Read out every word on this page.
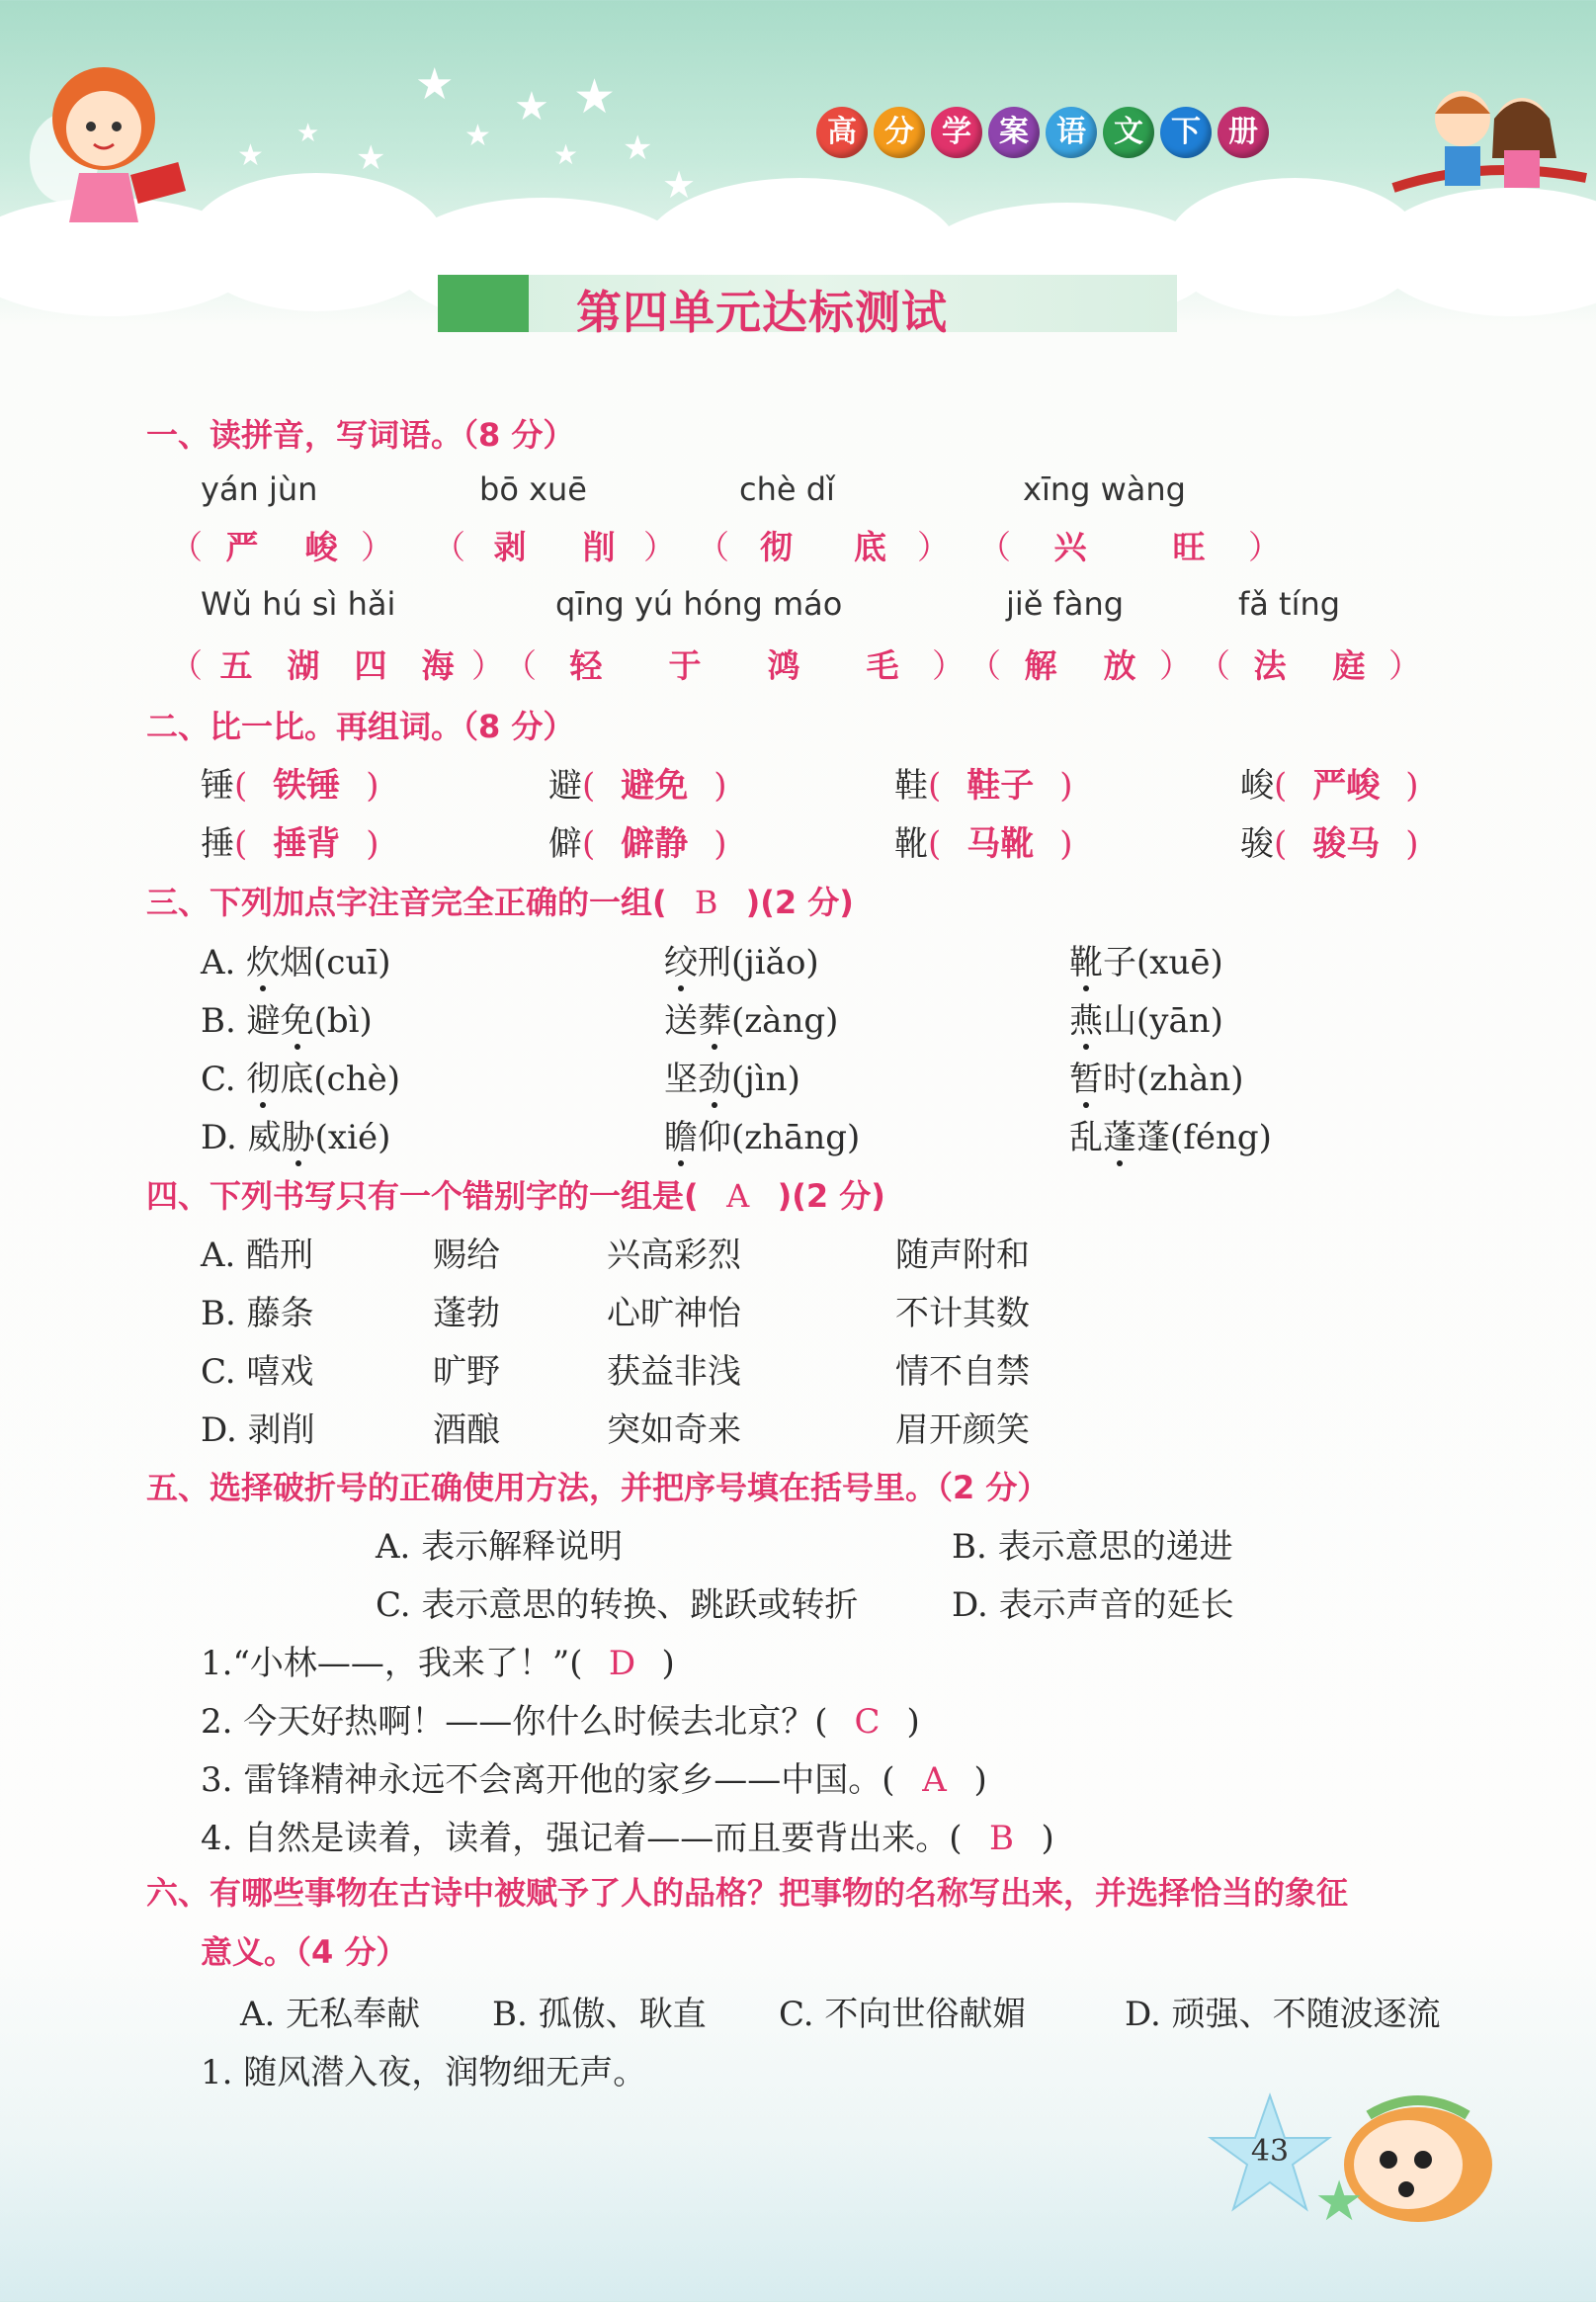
★
★
★
★
★
★ ★
★
★
★
高 分 学 案 语 文 下 册
第四单元达标测试
一、读拼音，写词语。（8 分）
yán jùn	bō xuē	chè dǐ	xīng wàng
（ 严 峻 ） （ 剥 削 ） （ 彻 底 ） （ 兴	旺 ）
Wǔ hú sì hǎi	qīng yú hóng máo	jiě fàng	fǎ tíng
（ 五 湖 四 海 ） （ 轻 于 鸿 毛 ） （ 解 放 ） （ 法 庭 ）
二、比一比。再组词。（8 分）
锤( 铁锤 )	避( 避免 )	鞋( 鞋子 )	峻( 严峻 )
捶( 捶背 )	僻( 僻静 )	靴( 马靴 )	骏( 骏马 )
三、下列加点字注音完全正确的一组( B )(2 分)
A. 炊烟(cuī)	绞刑(jiǎo)	靴子(xuē)
B. 避免(bì)	送葬(zàng)	燕山(yān)
C. 彻底(chè)	坚劲(jìn)	暂时(zhàn)
D. 威胁(xié)	瞻仰(zhāng)	乱蓬蓬(féng)
四、下列书写只有一个错别字的一组是( A )(2 分)
A. 酷刑	赐给	兴高彩烈	随声附和
B. 藤条	蓬勃	心旷神怡	不计其数
C. 嘻戏	旷野	获益非浅	情不自禁
D. 剥削	酒酿	突如奇来	眉开颜笑
五、选择破折号的正确使用方法，并把序号填在括号里。（2 分）
A. 表示解释说明	B. 表示意思的递进
C. 表示意思的转换、跳跃或转折	D. 表示声音的延长
1.“小林——，我来了！”( D )
2. 今天好热啊！——你什么时候去北京？( C )
3. 雷锋精神永远不会离开他的家乡——中国。( A )
4. 自然是读着，读着，强记着——而且要背出来。( B )
六、有哪些事物在古诗中被赋予了人的品格？把事物的名称写出来，并选择恰当的象征
意义。（4 分）
A. 无私奉献 B. 孤傲、耿直 C. 不向世俗献媚	D. 顽强、不随波逐流
1. 随风潜入夜，润物细无声。
43
★
